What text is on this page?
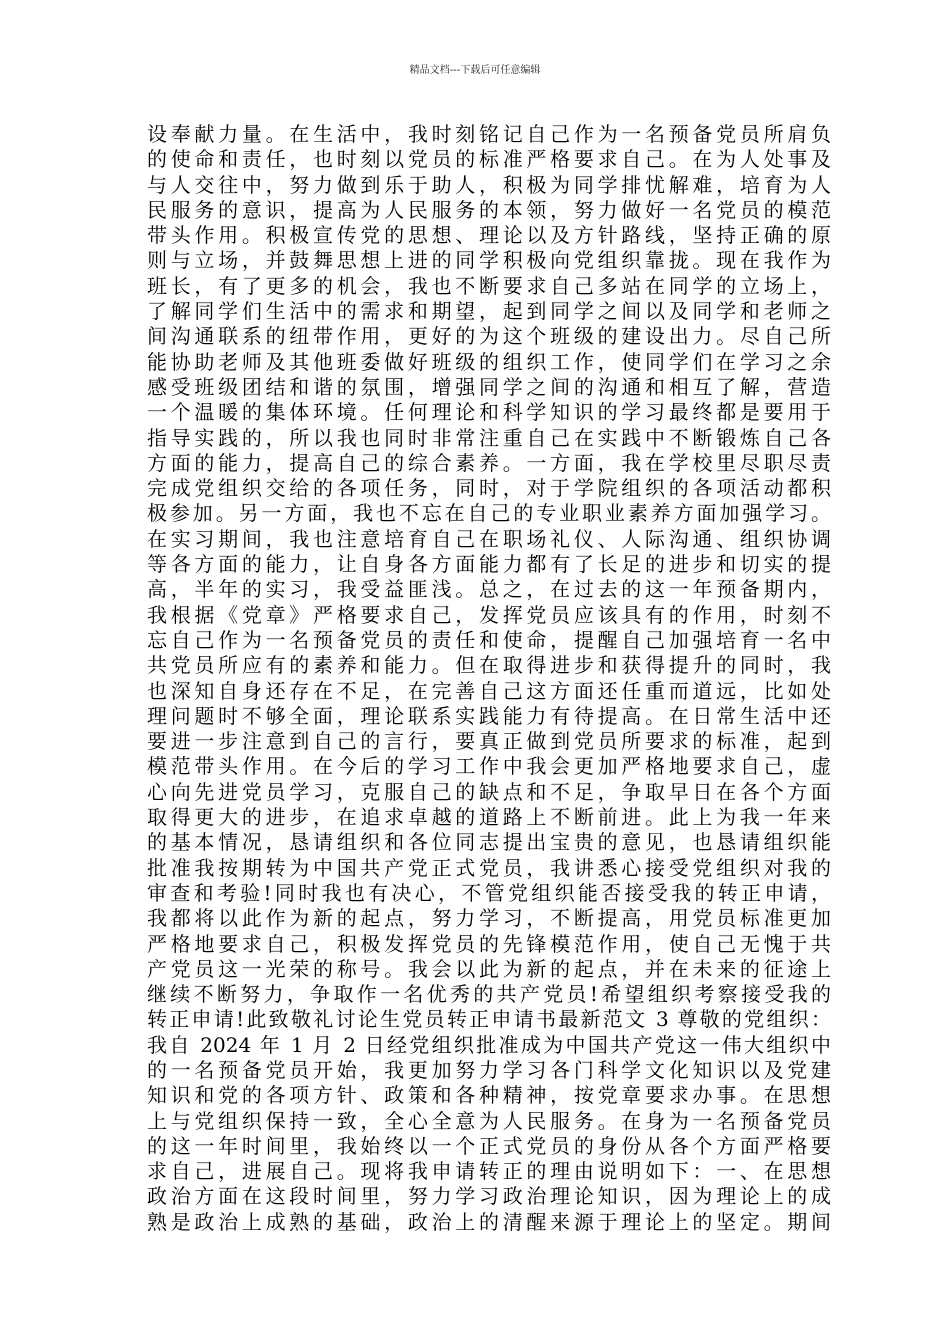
精品文档---下载后可任意编辑
设奉献力量。在生活中，我时刻铭记自己作为一名预备党员所肩负
的使命和责任，也时刻以党员的标准严格要求自己。在为人处事及
与人交往中，努力做到乐于助人，积极为同学排忧解难，培育为人
民服务的意识，提高为人民服务的本领，努力做好一名党员的模范
带头作用。积极宣传党的思想、理论以及方针路线，坚持正确的原
则与立场，并鼓舞思想上进的同学积极向党组织靠拢。现在我作为
班长，有了更多的机会，我也不断要求自己多站在同学的立场上，
了解同学们生活中的需求和期望，起到同学之间以及同学和老师之
间沟通联系的纽带作用，更好的为这个班级的建设出力。尽自己所
能协助老师及其他班委做好班级的组织工作，使同学们在学习之余
感受班级团结和谐的氛围，增强同学之间的沟通和相互了解，营造
一个温暖的集体环境。任何理论和科学知识的学习最终都是要用于
指导实践的，所以我也同时非常注重自己在实践中不断锻炼自己各
方面的能力，提高自己的综合素养。一方面，我在学校里尽职尽责
完成党组织交给的各项任务，同时，对于学院组织的各项活动都积
极参加。另一方面，我也不忘在自己的专业职业素养方面加强学习。
在实习期间，我也注意培育自己在职场礼仪、人际沟通、组织协调
等各方面的能力，让自身各方面能力都有了长足的进步和切实的提
高，半年的实习，我受益匪浅。总之，在过去的这一年预备期内，
我根据《党章》严格要求自己，发挥党员应该具有的作用，时刻不
忘自己作为一名预备党员的责任和使命，提醒自己加强培育一名中
共党员所应有的素养和能力。但在取得进步和获得提升的同时，我
也深知自身还存在不足，在完善自己这方面还任重而道远，比如处
理问题时不够全面，理论联系实践能力有待提高。在日常生活中还
要进一步注意到自己的言行，要真正做到党员所要求的标准，起到
模范带头作用。在今后的学习工作中我会更加严格地要求自己，虚
心向先进党员学习，克服自己的缺点和不足，争取早日在各个方面
取得更大的进步，在追求卓越的道路上不断前进。此上为我一年来
的基本情况，恳请组织和各位同志提出宝贵的意见，也恳请组织能
批准我按期转为中国共产党正式党员，我讲悉心接受党组织对我的
审查和考验!同时我也有决心，不管党组织能否接受我的转正申请，
我都将以此作为新的起点，努力学习，不断提高，用党员标准更加
严格地要求自己，积极发挥党员的先锋模范作用，使自己无愧于共
产党员这一光荣的称号。我会以此为新的起点，并在未来的征途上
继续不断努力，争取作一名优秀的共产党员!希望组织考察接受我的
转正申请!此致敬礼讨论生党员转正申请书最新范文 3 尊敬的党组织：
我自 2024 年 1 月 2 日经党组织批准成为中国共产党这一伟大组织中
的一名预备党员开始，我更加努力学习各门科学文化知识以及党建
知识和党的各项方针、政策和各种精神，按党章要求办事。在思想
上与党组织保持一致，全心全意为人民服务。在身为一名预备党员
的这一年时间里，我始终以一个正式党员的身份从各个方面严格要
求自己，进展自己。现将我申请转正的理由说明如下：一、在思想
政治方面在这段时间里，努力学习政治理论知识，因为理论上的成
熟是政治上成熟的基础，政治上的清醒来源于理论上的坚定。期间
